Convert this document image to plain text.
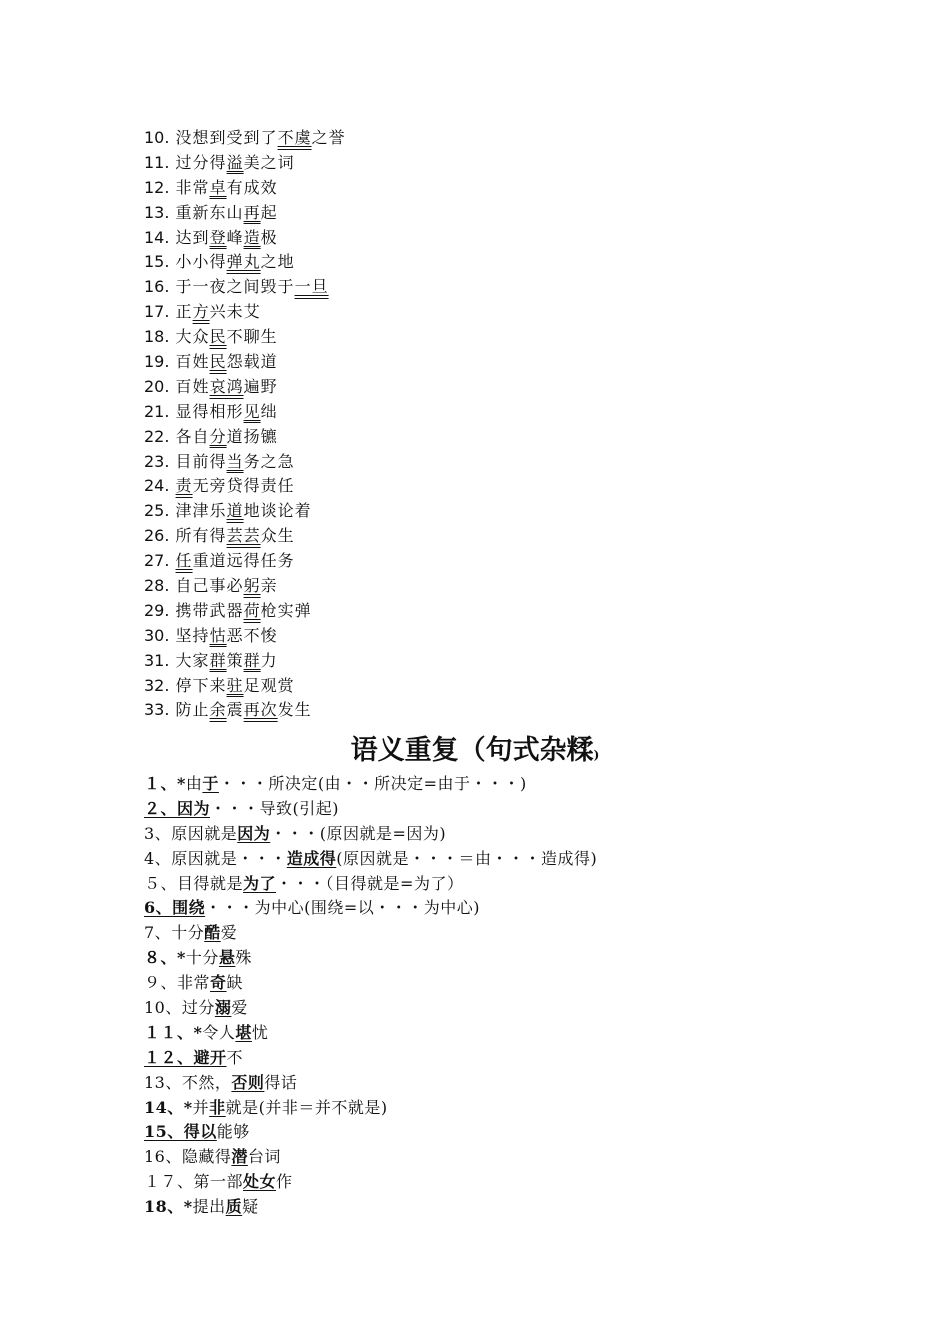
10. 没想到受到了不虞之誉
11. 过分得溢美之词
12. 非常卓有成效
13. 重新东山再起
14. 达到登峰造极
15. 小小得弹丸之地
16. 于一夜之间毁于一旦
17. 正方兴未艾
18. 大众民不聊生
19. 百姓民怨载道
20. 百姓哀鸿遍野
21. 显得相形见绌
22. 各自分道扬镳
23. 目前得当务之急
24. 责无旁贷得责任
25. 津津乐道地谈论着
26. 所有得芸芸众生
27. 任重道远得任务
28. 自己事必躬亲
29. 携带武器荷枪实弹
30. 坚持怙恶不悛
31. 大家群策群力
32. 停下来驻足观赏
33. 防止余震再次发生
语义重复（句式杂糅)
１、*由于・・・所决定(由・・所决定=由于・・・)
２、因为・・・导致(引起)
3、原因就是因为・・・(原因就是=因为)
4、原因就是・・・造成得(原因就是・・・＝由・・・造成得)
５、目得就是为了・・・（目得就是=为了）
6、围绕・・・为中心(围绕=以・・・为中心)
7、十分酷爱
８、*十分悬殊
９、非常奇缺
10、过分溺爱
１１、*令人堪忧
１２、避开不
13、不然，否则得话
14、*并非就是(并非＝并不就是)
15、得以能够
16、隐藏得潜台词
１７、第一部处女作
18、*提出质疑
